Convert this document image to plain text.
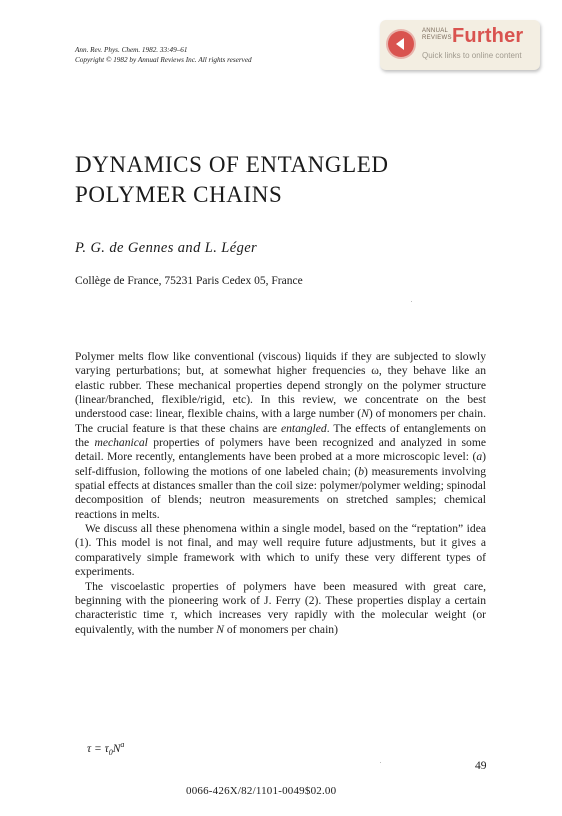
Ann. Rev. Phys. Chem. 1982. 33:49–61
Copyright © 1982 by Annual Reviews Inc. All rights reserved
ANNUAL
REVIEWS Further
Quick links to online content
DYNAMICS OF ENTANGLED
POLYMER CHAINS
P. G. de Gennes and L. Léger
Collège de France, 75231 Paris Cedex 05, France

Polymer melts flow like conventional (viscous) liquids if they are subjected to slowly varying perturbations; but, at somewhat higher frequencies ω, they behave like an elastic rubber. These mechanical properties depend strongly on the polymer structure (linear/branched, flexible/rigid, etc). In this review, we concentrate on the best understood case: linear, flexible chains, with a large number (N) of monomers per chain. The crucial feature is that these chains are entangled. The effects of entanglements on the mechanical properties of polymers have been recognized and analyzed in some detail. More recently, entanglements have been probed at a more microscopic level: (a) self-diffusion, following the motions of one labeled chain; (b) measurements involving spatial effects at distances smaller than the coil size: polymer/polymer welding; spinodal decomposition of blends; neutron measurements on stretched samples; chemical reactions in melts.

We discuss all these phenomena within a single model, based on the “reptation” idea (1). This model is not final, and may well require future adjustments, but it gives a comparatively simple framework with which to unify these very different types of experiments.

The viscoelastic properties of polymers have been measured with great care, beginning with the pioneering work of J. Ferry (2). These properties display a certain characteristic time τ, which increases very rapidly with the molecular weight (or equivalently, with the number N of monomers per chain)

$\tau = \tau_0N^a$
49
0066-426X/82/1101-0049$02.00
